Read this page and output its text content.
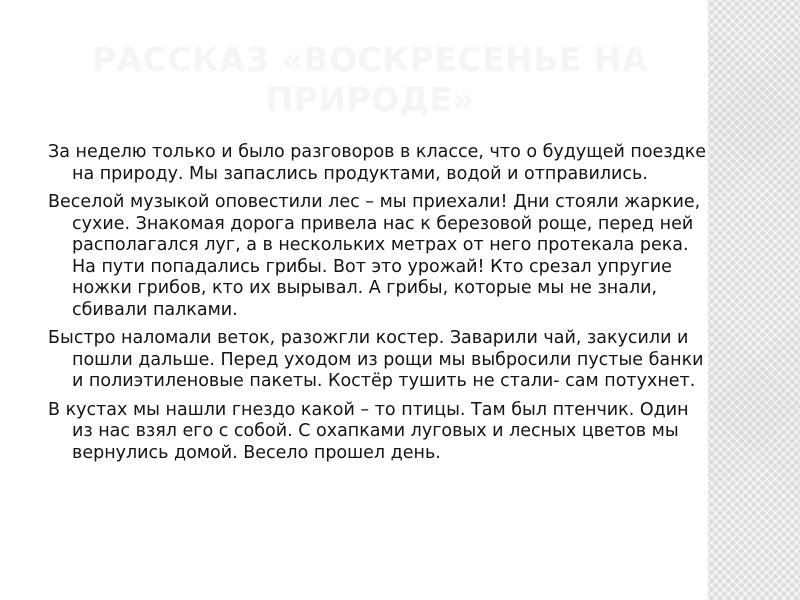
РАССКАЗ «ВОСКРЕСЕНЬЕ НА ПРИРОДЕ»

За неделю только и было разговоров в классе, что о будущей поездке на природу. Мы запаслись продуктами, водой и отправились.

Веселой музыкой оповестили лес – мы приехали! Дни стояли жаркие, сухие. Знакомая дорога привела нас к березовой роще, перед ней располагался луг, а в нескольких метрах от него протекала река. На пути попадались грибы. Вот это урожай! Кто срезал упругие ножки грибов, кто их вырывал. А грибы, которые мы не знали, сбивали палками.

Быстро наломали веток, разожгли костер. Заварили чай, закусили и пошли дальше. Перед уходом из рощи мы выбросили пустые банки и полиэтиленовые пакеты. Костёр тушить не стали- сам потухнет.

В кустах мы нашли гнездо какой – то птицы. Там был птенчик. Один из нас взял его с собой. С охапками луговых и лесных цветов мы вернулись домой. Весело прошел день.
